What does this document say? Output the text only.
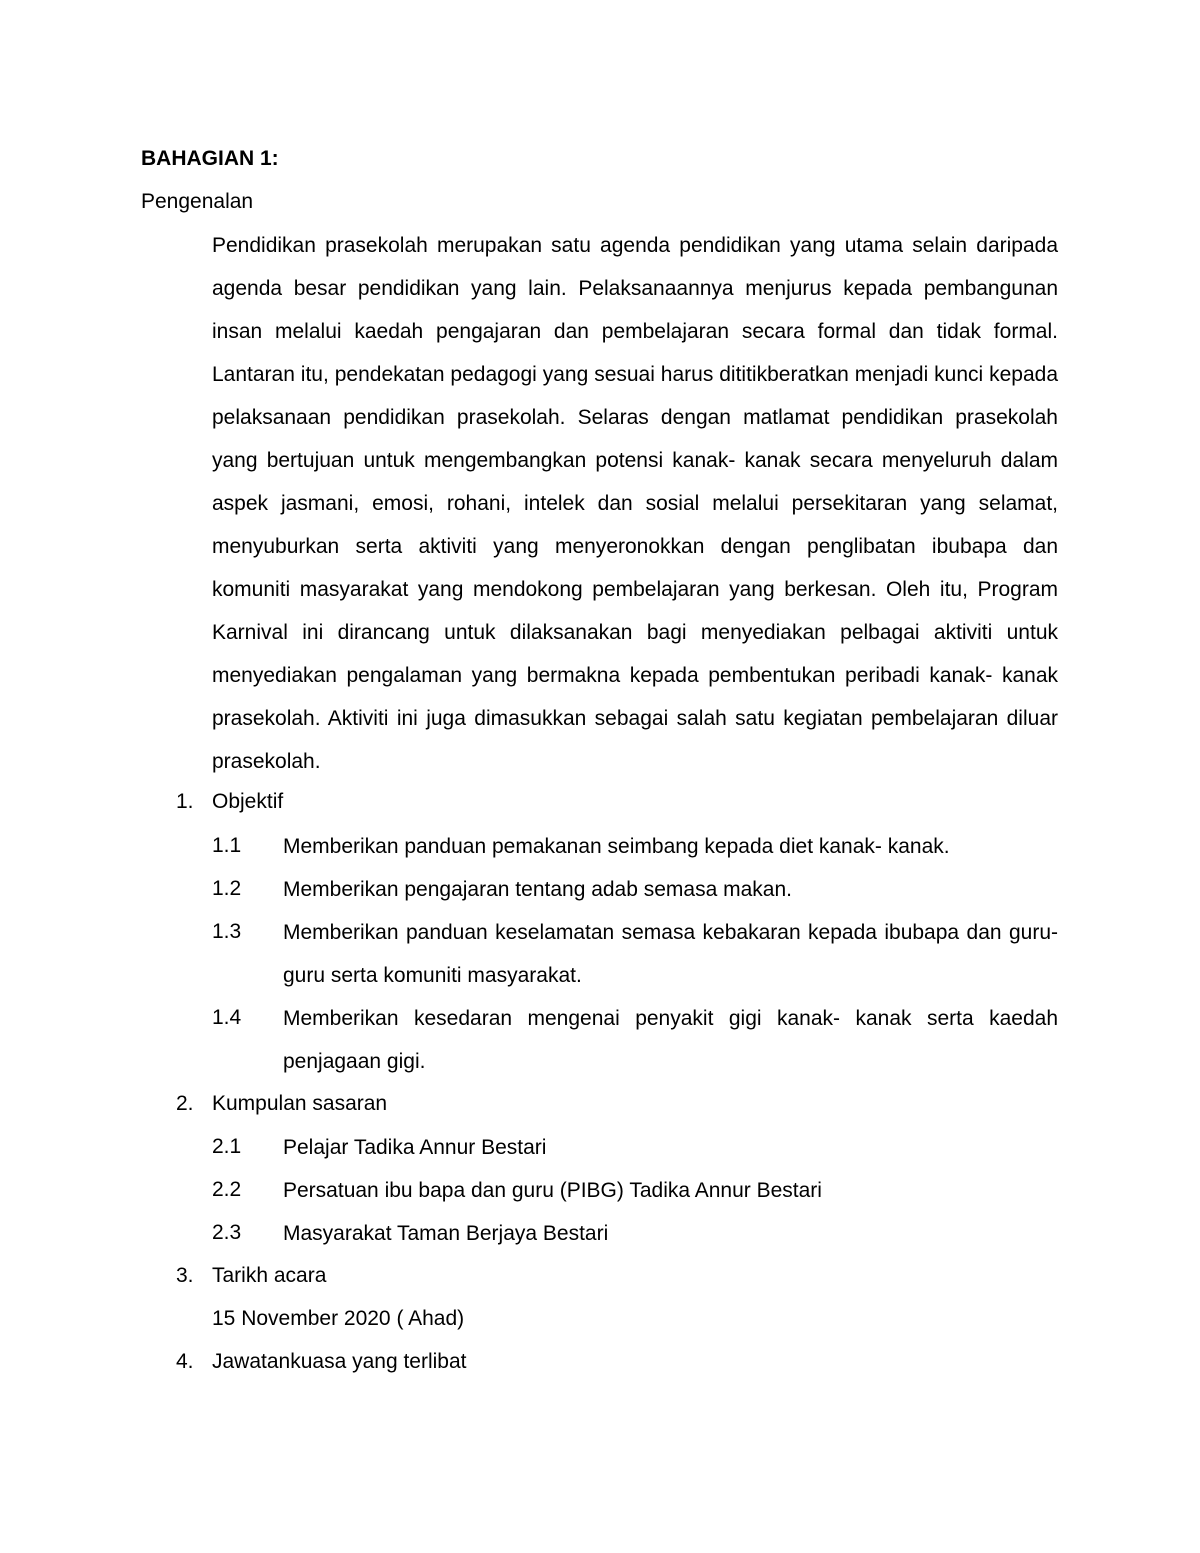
BAHAGIAN 1:
Pengenalan
Pendidikan prasekolah merupakan satu agenda pendidikan yang utama selain daripada agenda besar pendidikan yang lain. Pelaksanaannya menjurus kepada pembangunan insan melalui kaedah pengajaran dan pembelajaran secara formal dan tidak formal. Lantaran itu, pendekatan pedagogi yang sesuai harus dititikberatkan menjadi kunci kepada pelaksanaan pendidikan prasekolah. Selaras dengan matlamat pendidikan prasekolah yang bertujuan untuk mengembangkan potensi kanak- kanak secara menyeluruh dalam aspek jasmani, emosi, rohani, intelek dan sosial melalui persekitaran yang selamat, menyuburkan serta aktiviti yang menyeronokkan dengan penglibatan ibubapa dan komuniti masyarakat yang mendokong pembelajaran yang berkesan. Oleh itu, Program Karnival ini dirancang untuk dilaksanakan bagi menyediakan pelbagai aktiviti untuk menyediakan pengalaman yang bermakna kepada pembentukan peribadi kanak- kanak prasekolah. Aktiviti ini juga dimasukkan sebagai salah satu kegiatan pembelajaran diluar prasekolah.
1. Objektif
1.1 Memberikan panduan pemakanan seimbang kepada diet kanak- kanak.
1.2 Memberikan pengajaran tentang adab semasa makan.
1.3 Memberikan panduan keselamatan semasa kebakaran kepada ibubapa dan guru-guru serta komuniti masyarakat.
1.4 Memberikan kesedaran mengenai penyakit gigi kanak- kanak serta kaedah penjagaan gigi.
2. Kumpulan sasaran
2.1 Pelajar Tadika Annur Bestari
2.2 Persatuan ibu bapa dan guru (PIBG) Tadika Annur Bestari
2.3 Masyarakat Taman Berjaya Bestari
3. Tarikh acara
15 November 2020 ( Ahad)
4. Jawatankuasa yang terlibat
